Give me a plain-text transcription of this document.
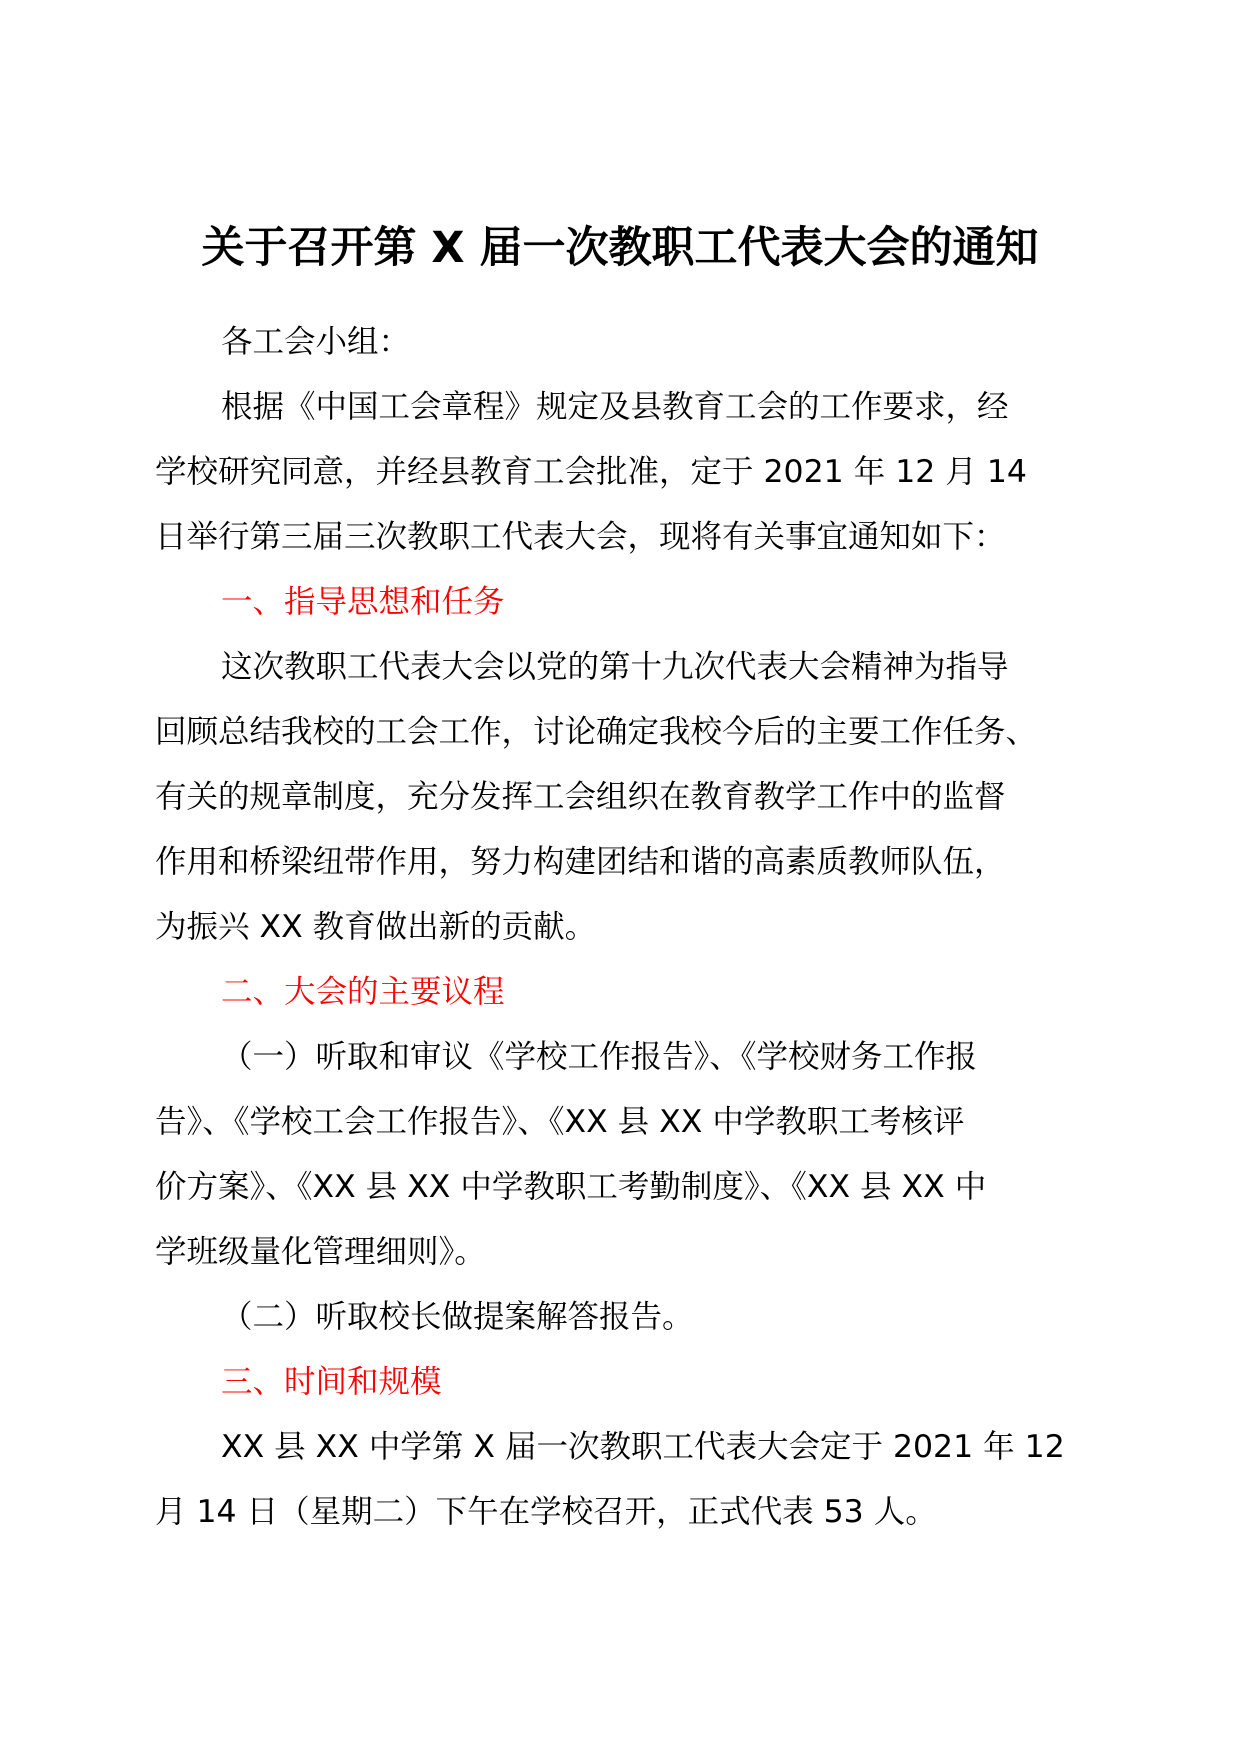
关于召开第 X 届一次教职工代表大会的通知
各工会小组：
根据《中国工会章程》规定及县教育工会的工作要求，经
学校研究同意，并经县教育工会批准，定于 2021 年 12 月 14
日举行第三届三次教职工代表大会，现将有关事宜通知如下：
一、指导思想和任务
这次教职工代表大会以党的第十九次代表大会精神为指导
回顾总结我校的工会工作，讨论确定我校今后的主要工作任务、
有关的规章制度，充分发挥工会组织在教育教学工作中的监督
作用和桥梁纽带作用，努力构建团结和谐的高素质教师队伍，
为振兴 XX 教育做出新的贡献。
二、大会的主要议程
（一）听取和审议《学校工作报告》、《学校财务工作报
告》、《学校工会工作报告》、《XX 县 XX 中学教职工考核评
价方案》、《XX 县 XX 中学教职工考勤制度》、《XX 县 XX 中
学班级量化管理细则》。
（二）听取校长做提案解答报告。
三、时间和规模
XX 县 XX 中学第 X 届一次教职工代表大会定于 2021 年 12
月 14 日（星期二）下午在学校召开，正式代表 53 人。
